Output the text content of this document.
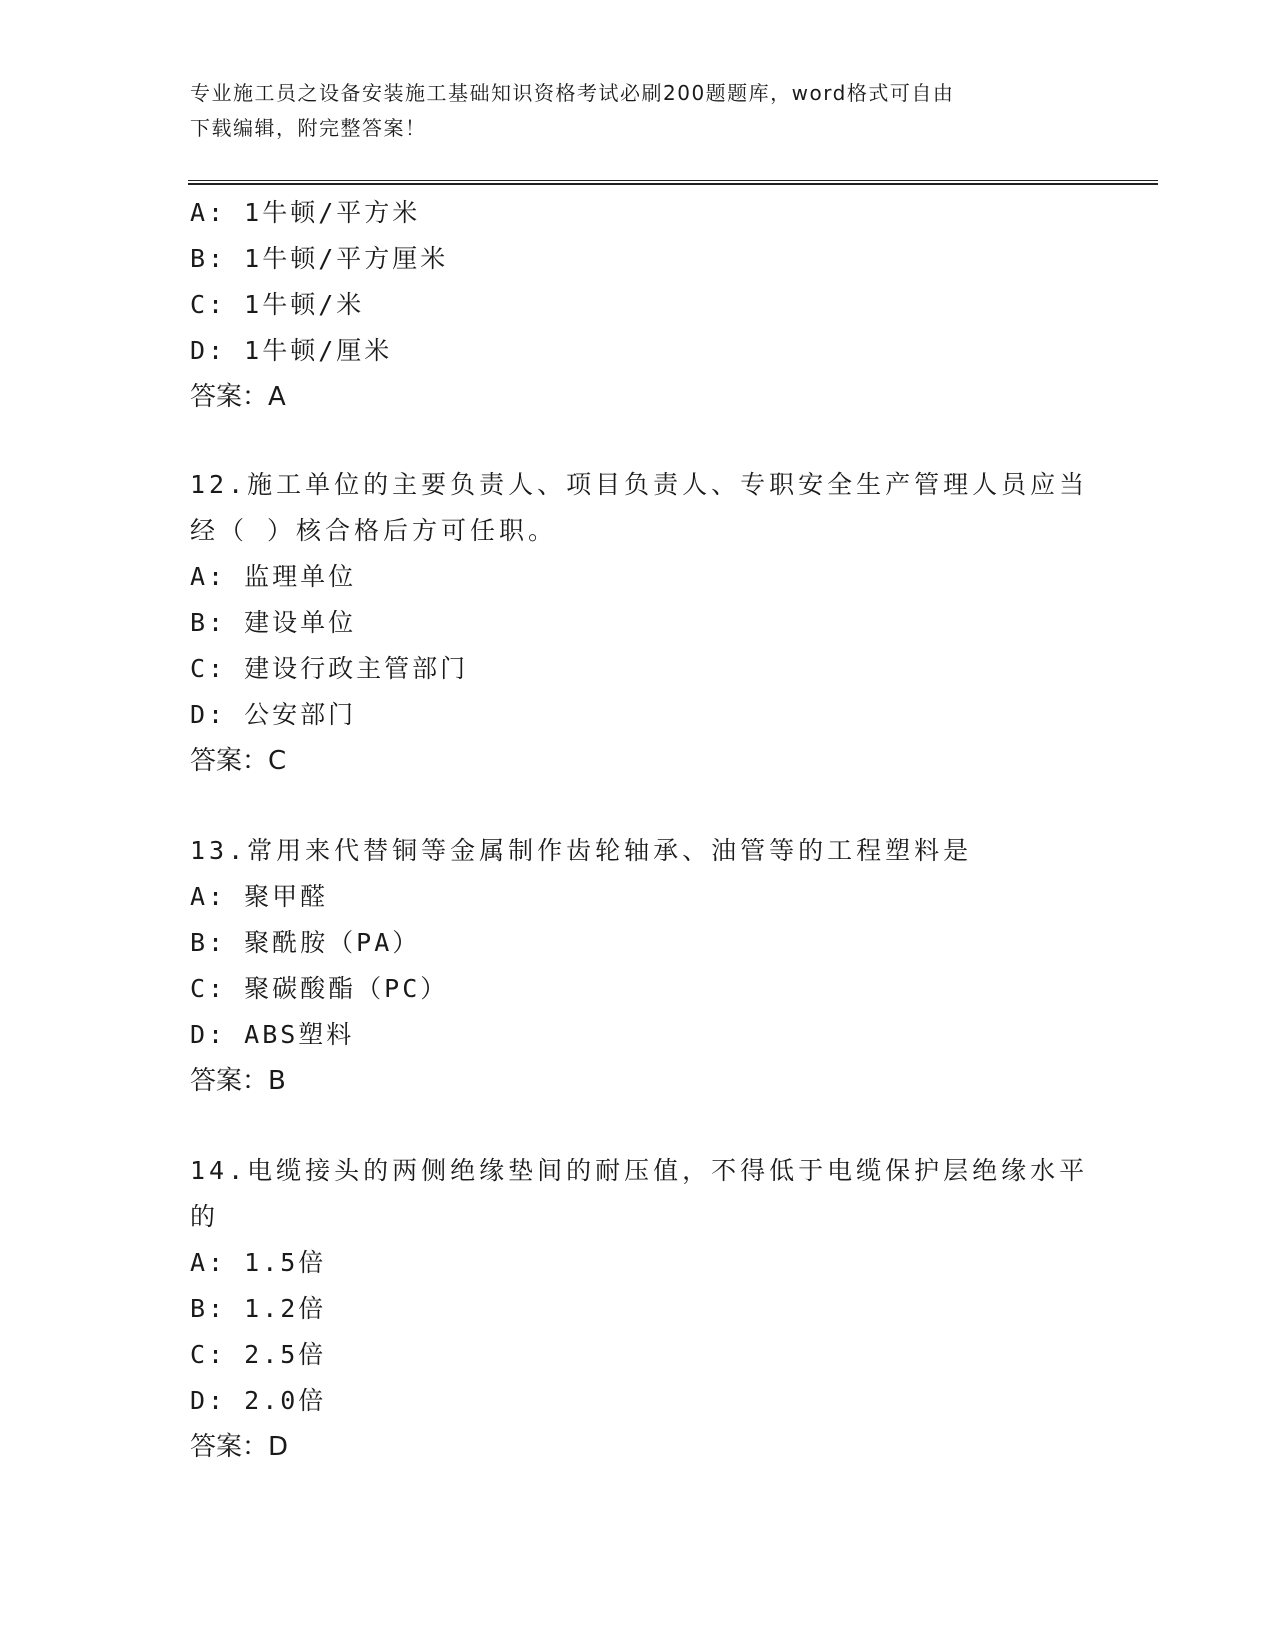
专业施工员之设备安装施工基础知识资格考试必刷200题题库，word格式可自由
下载编辑，附完整答案！
A: 1牛顿/平方米
B: 1牛顿/平方厘米
C: 1牛顿/米
D: 1牛顿/厘米
答案：A
12.施工单位的主要负责人、项目负责人、专职安全生产管理人员应当
经（ ）核合格后方可任职。
A: 监理单位
B: 建设单位
C: 建设行政主管部门
D: 公安部门
答案：C
13.常用来代替铜等金属制作齿轮轴承、油管等的工程塑料是
A: 聚甲醛
B: 聚酰胺（PA）
C: 聚碳酸酯（PC）
D: ABS塑料
答案：B
14.电缆接头的两侧绝缘垫间的耐压值，不得低于电缆保护层绝缘水平
的
A: 1.5倍
B: 1.2倍
C: 2.5倍
D: 2.0倍
答案：D
